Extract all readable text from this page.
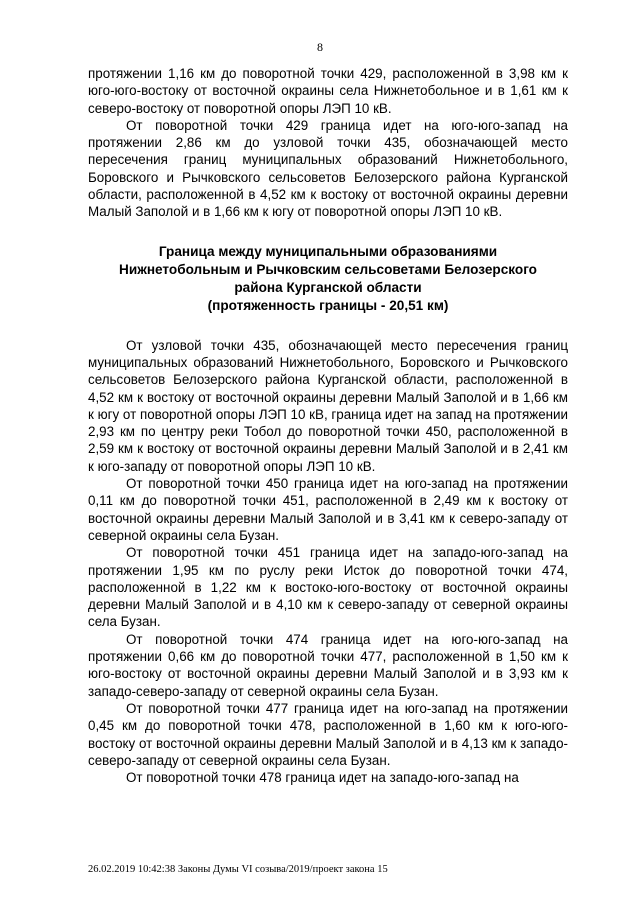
8

протяжении 1,16 км до поворотной точки 429, расположенной в 3,98 км к юго-юго-востоку от восточной окраины села Нижнетобольное и в 1,61 км к северо-востоку от поворотной опоры ЛЭП 10 кВ.

От поворотной точки 429 граница идет на юго-юго-запад на протяжении 2,86 км до узловой точки 435, обозначающей место пересечения границ муниципальных образований Нижнетобольного, Боровского и Рычковского сельсоветов Белозерского района Курганской области, расположенной в 4,52 км к востоку от восточной окраины деревни Малый Заполой и в 1,66 км к югу от поворотной опоры ЛЭП 10 кВ.

Граница между муниципальными образованиями
Нижнетобольным и Рычковским сельсоветами Белозерского
района Курганской области
(протяженность границы - 20,51 км)

От узловой точки 435, обозначающей место пересечения границ муниципальных образований Нижнетобольного, Боровского и Рычковского сельсоветов Белозерского района Курганской области, расположенной в 4,52 км к востоку от восточной окраины деревни Малый Заполой и в 1,66 км к югу от поворотной опоры ЛЭП 10 кВ, граница идет на запад на протяжении 2,93 км по центру реки Тобол до поворотной точки 450, расположенной в 2,59 км к востоку от восточной окраины деревни Малый Заполой и в 2,41 км к юго-западу от поворотной опоры ЛЭП 10 кВ.

От поворотной точки 450 граница идет на юго-запад на протяжении 0,11 км до поворотной точки 451, расположенной в 2,49 км к востоку от восточной окраины деревни Малый Заполой и в 3,41 км к северо-западу от северной окраины села Бузан.

От поворотной точки 451 граница идет на западо-юго-запад на протяжении 1,95 км по руслу реки Исток до поворотной точки 474, расположенной в 1,22 км к востоко-юго-востоку от восточной окраины деревни Малый Заполой и в 4,10 км к северо-западу от северной окраины села Бузан.

От поворотной точки 474 граница идет на юго-юго-запад на протяжении 0,66 км до поворотной точки 477, расположенной в 1,50 км к юго-востоку от восточной окраины деревни Малый Заполой и в 3,93 км к западо-северо-западу от северной окраины села Бузан.

От поворотной точки 477 граница идет на юго-запад на протяжении 0,45 км до поворотной точки 478, расположенной в 1,60 км к юго-юго-востоку от восточной окраины деревни Малый Заполой и в 4,13 км к западо-северо-западу от северной окраины села Бузан.

От поворотной точки 478 граница идет на западо-юго-запад на

26.02.2019 10:42:38 Законы Думы VI созыва/2019/проект закона 15
